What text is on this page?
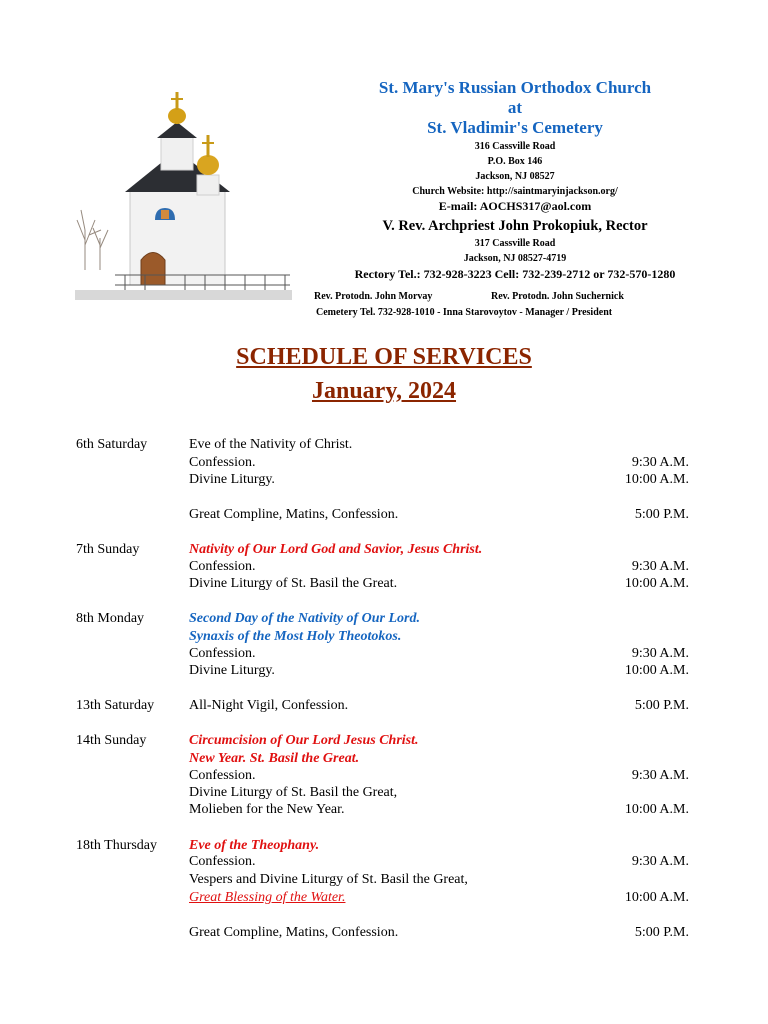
St. Mary's Russian Orthodox Church
at
St. Vladimir's Cemetery
316 Cassville Road
P.O. Box 146
Jackson, NJ 08527
Church Website: http://saintmaryinjackson.org/
E-mail: AOCHS317@aol.com
V. Rev. Archpriest John Prokopiuk, Rector
317 Cassville Road
Jackson, NJ 08527-4719
Rectory Tel.: 732-928-3223 Cell: 732-239-2712 or 732-570-1280
Rev. Protodn. John Morvay	Rev. Protodn. John Suchernick
Cemetery Tel. 732-928-1010 - Inna Starovoytov - Manager / President
SCHEDULE OF SERVICES
January, 2024
6th Saturday	Eve of the Nativity of Christ.
Confession.	9:30 A.M.
Divine Liturgy.	10:00 A.M.
Great Compline, Matins, Confession.	5:00 P.M.
7th Sunday	Nativity of Our Lord God and Savior, Jesus Christ.
Confession.	9:30 A.M.
Divine Liturgy of St. Basil the Great.	10:00 A.M.
8th Monday	Second Day of the Nativity of Our Lord.
Synaxis of the Most Holy Theotokos.
Confession.	9:30 A.M.
Divine Liturgy.	10:00 A.M.
13th Saturday All-Night Vigil, Confession.	5:00 P.M.
14th Sunday	Circumcision of Our Lord Jesus Christ.
New Year. St. Basil the Great.
Confession.	9:30 A.M.
Divine Liturgy of St. Basil the Great,
Molieben for the New Year.	10:00 A.M.
18th Thursday Eve of the Theophany.
Confession.	9:30 A.M.
Vespers and Divine Liturgy of St. Basil the Great,
Great Blessing of the Water.	10:00 A.M.
Great Compline, Matins, Confession.	5:00 P.M.
